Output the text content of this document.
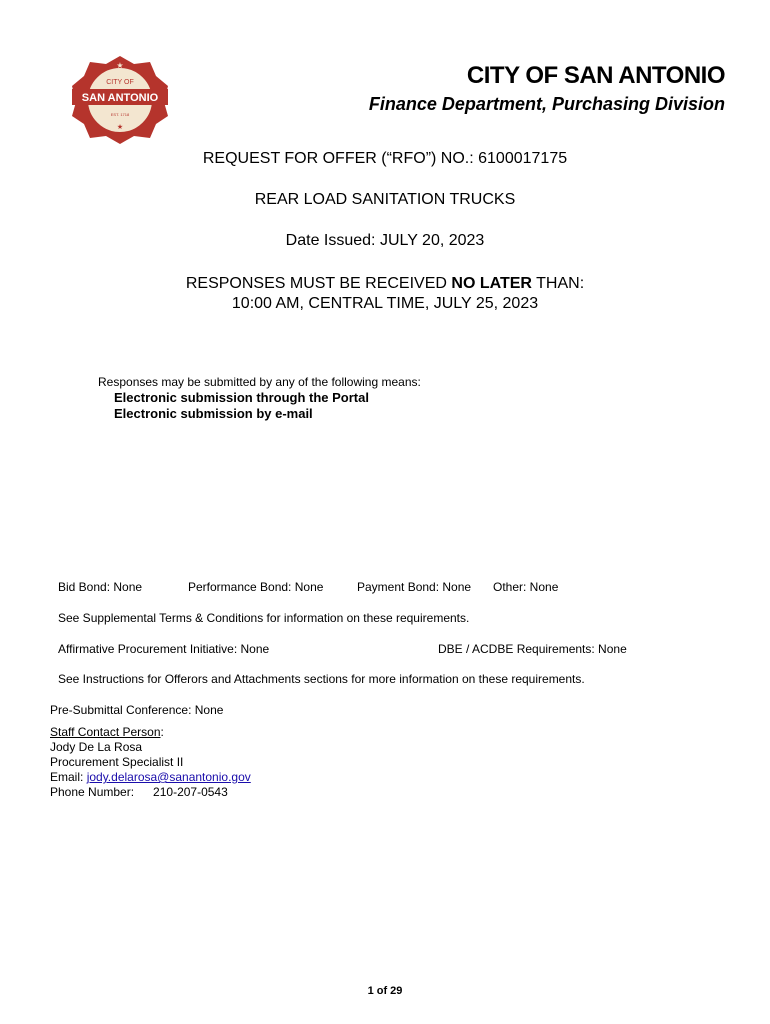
★
CITY OF
SAN ANTONIO
EST. 1718
★
CITY OF SAN ANTONIO
Finance Department, Purchasing Division
REQUEST FOR OFFER (“RFO”) NO.: 6100017175
REAR LOAD SANITATION TRUCKS
Date Issued: JULY 20, 2023
RESPONSES MUST BE RECEIVED NO LATER THAN:
10:00 AM, CENTRAL TIME, JULY 25, 2023
Responses may be submitted by any of the following means:
Electronic submission through the Portal
Electronic submission by e-mail
Bid Bond: None	Performance Bond: None	Payment Bond: None Other: None
See Supplemental Terms & Conditions for information on these requirements.
Affirmative Procurement Initiative: None	DBE / ACDBE Requirements: None
See Instructions for Offerors and Attachments sections for more information on these requirements.
Pre-Submittal Conference: None
Staff Contact Person:
Jody De La Rosa
Procurement Specialist II
Email: jody.delarosa@sanantonio.gov
Phone Number: 210-207-0543
1 of 29
